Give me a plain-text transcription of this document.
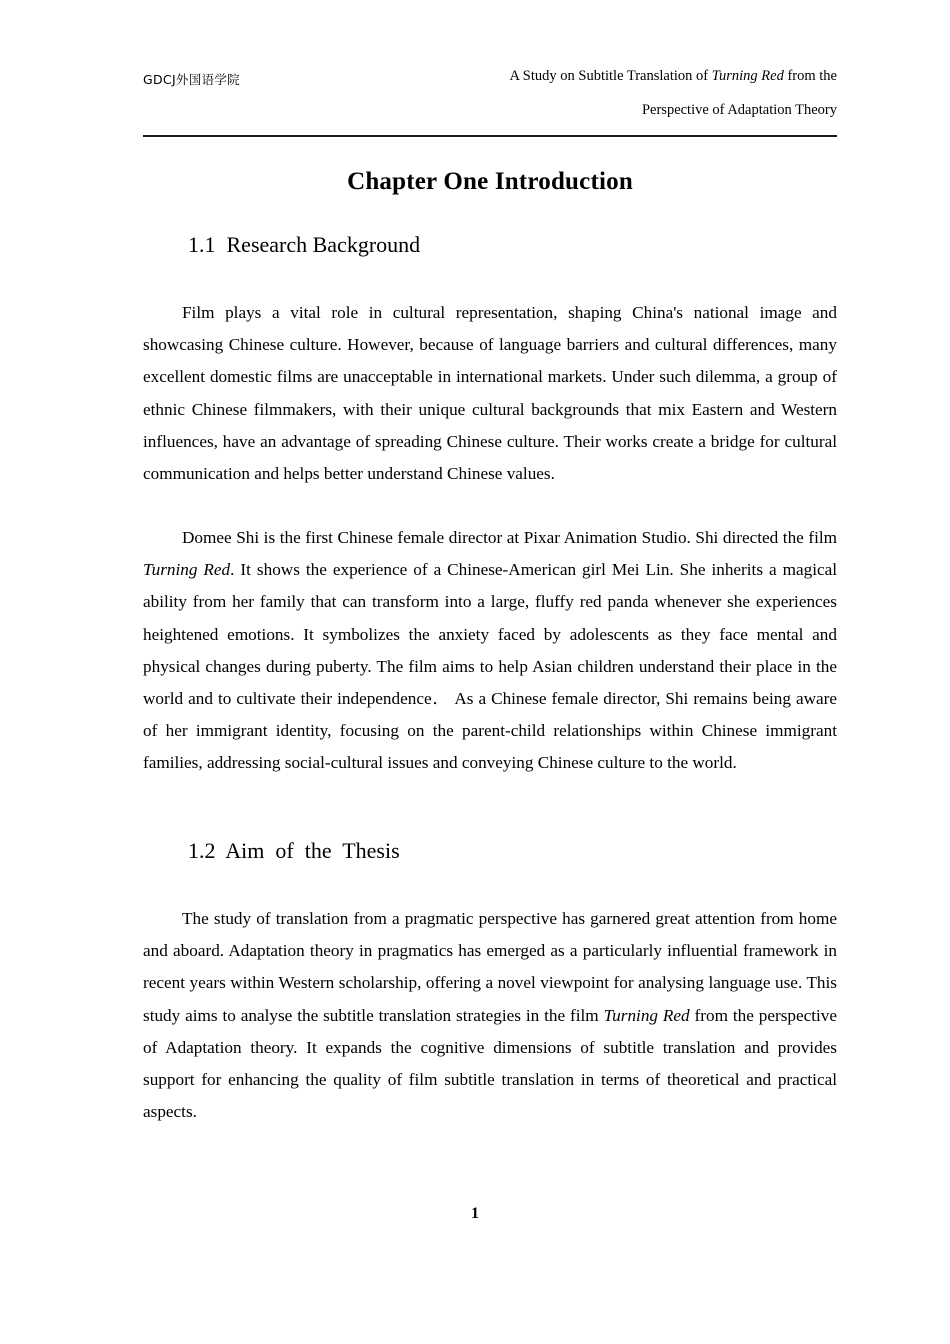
GDCJ外国语学院	A Study on Subtitle Translation of Turning Red from the
Perspective of Adaptation Theory
Chapter One Introduction
1.1  Research Background

Film plays a vital role in cultural representation, shaping China's national image and showcasing Chinese culture. However, because of language barriers and cultural differences, many excellent domestic films are unacceptable in international markets. Under such dilemma, a group of ethnic Chinese filmmakers, with their unique cultural backgrounds that mix Eastern and Western influences, have an advantage of spreading Chinese culture. Their works create a bridge for cultural communication and helps better understand Chinese values.

Domee Shi is the first Chinese female director at Pixar Animation Studio. Shi directed the film Turning Red. It shows the experience of a Chinese-American girl Mei Lin. She inherits a magical ability from her family that can transform into a large, fluffy red panda whenever she experiences heightened emotions. It symbolizes the anxiety faced by adolescents as they face mental and physical changes during puberty. The film aims to help Asian children understand their place in the world and to cultivate their independence． As a Chinese female director, Shi remains being aware of her immigrant identity, focusing on the parent-child relationships within Chinese immigrant families, addressing social-cultural issues and conveying Chinese culture to the world.

1.2  Aim  of  the  Thesis

The study of translation from a pragmatic perspective has garnered great attention from home and aboard. Adaptation theory in pragmatics has emerged as a particularly influential framework in recent years within Western scholarship, offering a novel viewpoint for analysing language use. This study aims to analyse the subtitle translation strategies in the film Turning Red from the perspective of Adaptation theory. It expands the cognitive dimensions of subtitle translation and provides support for enhancing the quality of film subtitle translation in terms of theoretical and practical aspects.

1
